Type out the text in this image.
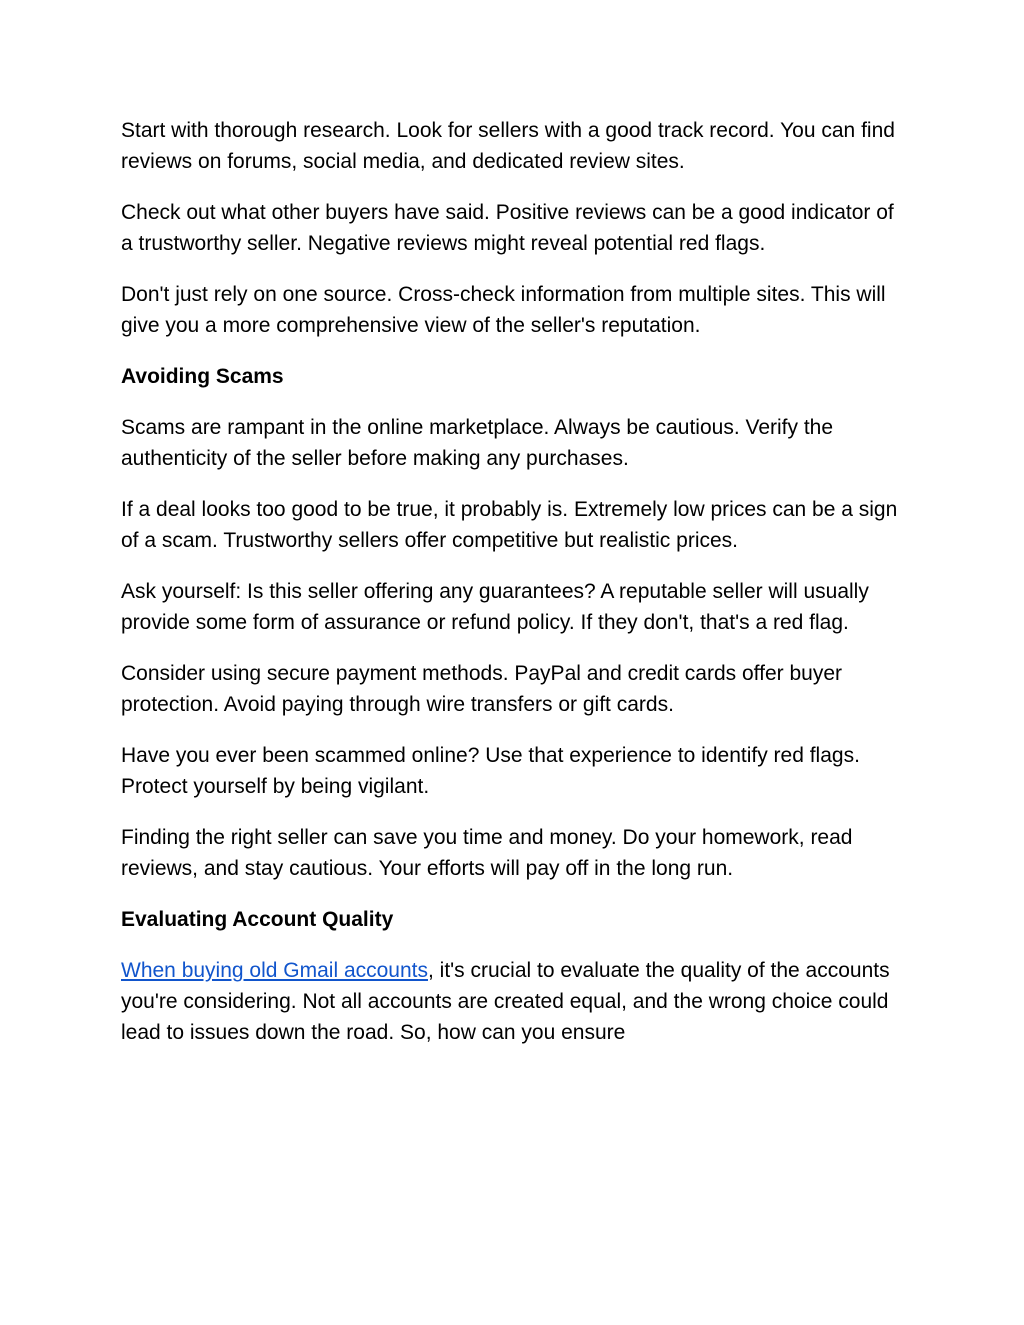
Start with thorough research. Look for sellers with a good track record. You can find reviews on forums, social media, and dedicated review sites.

Check out what other buyers have said. Positive reviews can be a good indicator of a trustworthy seller. Negative reviews might reveal potential red flags.

Don't just rely on one source. Cross-check information from multiple sites. This will give you a more comprehensive view of the seller's reputation.

Avoiding Scams

Scams are rampant in the online marketplace. Always be cautious. Verify the authenticity of the seller before making any purchases.

If a deal looks too good to be true, it probably is. Extremely low prices can be a sign of a scam. Trustworthy sellers offer competitive but realistic prices.

Ask yourself: Is this seller offering any guarantees? A reputable seller will usually provide some form of assurance or refund policy. If they don't, that's a red flag.

Consider using secure payment methods. PayPal and credit cards offer buyer protection. Avoid paying through wire transfers or gift cards.

Have you ever been scammed online? Use that experience to identify red flags. Protect yourself by being vigilant.

Finding the right seller can save you time and money. Do your homework, read reviews, and stay cautious. Your efforts will pay off in the long run.

Evaluating Account Quality

When buying old Gmail accounts, it's crucial to evaluate the quality of the accounts you're considering. Not all accounts are created equal, and the wrong choice could lead to issues down the road. So, how can you ensure
